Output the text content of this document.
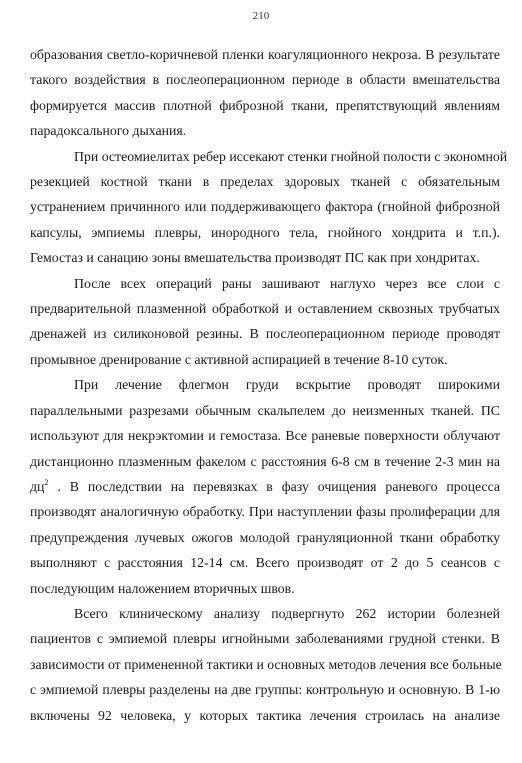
210

образования светло-коричневой пленки коагуляционного некроза. В результате
такого воздействия в послеоперационном периоде в области вмешательства
формируется массив плотной фиброзной ткани, препятствующий явлениям
парадоксального дыхания.

При остеомиелитах ребер иссекают стенки гнойной полости с экономной
резекцией костной ткани в пределах здоровых тканей с обязательным
устранением причинного или поддерживающего фактора (гнойной фиброзной
капсулы, эмпиемы плевры, инородного тела, гнойного хондрита и т.п.).
Гемостаз и санацию зоны вмешательства производят ПС как при хондритах.

После всех операций раны зашивают наглухо через все слои с
предварительной плазменной обработкой и оставлением сквозных трубчатых
дренажей из силиконовой резины. В послеоперационном периоде проводят
промывное дренирование с активной аспирацией в течение 8-10 суток.

При лечение флегмон груди вскрытие проводят широкими
параллельными разрезами обычным скальпелем до неизменных тканей. ПС
используют для некрэктомии и гемостаза. Все раневые поверхности облучают
дистанционно плазменным факелом с расстояния 6-8 см в течение 2-3 мин на
$дц^2$ . В последствии на перевязках в фазу очищения раневого процесса
производят аналогичную обработку. При наступлении фазы пролиферации для
предупреждения лучевых ожогов молодой грануляционной ткани обработку
выполняют с расстояния 12-14 см. Всего производят от 2 до 5 сеансов с
последующим наложением вторичных швов.

Всего клиническому анализу подвергнуто 262 истории болезней
пациентов с эмпиемой плевры игнойными заболеваниями грудной стенки. В
зависимости от примененной тактики и основных методов лечения все больные
с эмпиемой плевры разделены на две группы: контрольную и основную. В 1-ю
включены 92 человека, у которых тактика лечения строилась на анализе
